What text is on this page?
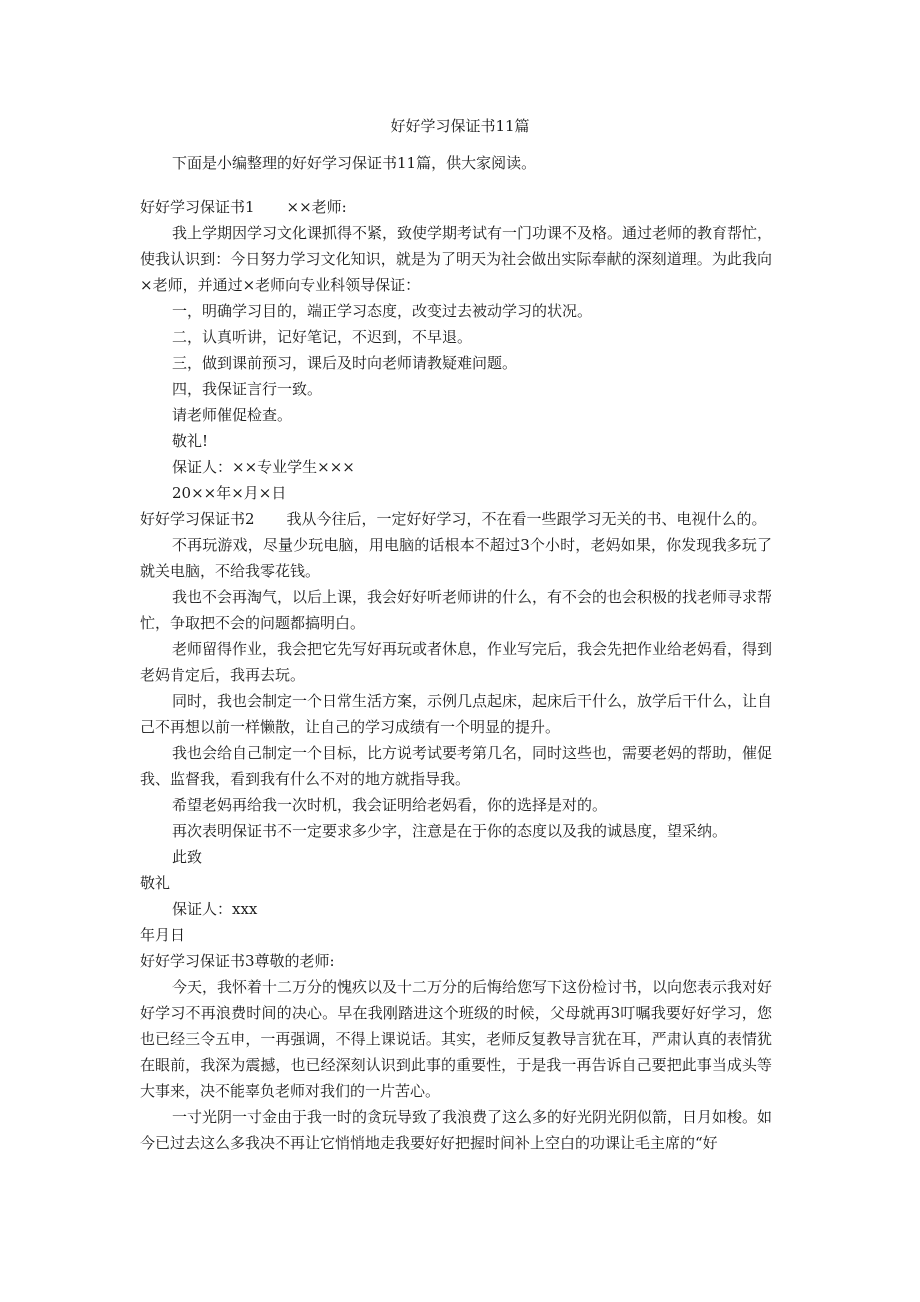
好好学习保证书11篇

下面是小编整理的好好学习保证书11篇，供大家阅读。

好好学习保证书1 ××老师:

我上学期因学习文化课抓得不紧，致使学期考试有一门功课不及格。通过老师的教育帮忙，使我认识到：今日努力学习文化知识，就是为了明天为社会做出实际奉献的深刻道理。为此我向×老师，并通过×老师向专业科领导保证：

一，明确学习目的，端正学习态度，改变过去被动学习的状况。

二，认真听讲，记好笔记，不迟到，不早退。

三，做到课前预习，课后及时向老师请教疑难问题。

四，我保证言行一致。

请老师催促检查。

敬礼!

保证人：××专业学生×××

20××年×月×日

好好学习保证书2 我从今往后，一定好好学习，不在看一些跟学习无关的书、电视什么的。

不再玩游戏，尽量少玩电脑，用电脑的话根本不超过3个小时，老妈如果，你发现我多玩了就关电脑，不给我零花钱。

我也不会再淘气，以后上课，我会好好听老师讲的什么，有不会的也会积极的找老师寻求帮忙，争取把不会的问题都搞明白。

老师留得作业，我会把它先写好再玩或者休息，作业写完后，我会先把作业给老妈看，得到老妈肯定后，我再去玩。

同时，我也会制定一个日常生活方案，示例几点起床，起床后干什么，放学后干什么，让自己不再想以前一样懒散，让自己的学习成绩有一个明显的提升。

我也会给自己制定一个目标，比方说考试要考第几名，同时这些也，需要老妈的帮助，催促我、监督我，看到我有什么不对的地方就指导我。

希望老妈再给我一次时机，我会证明给老妈看，你的选择是对的。

再次表明保证书不一定要求多少字，注意是在于你的态度以及我的诚恳度，望采纳。

此致

敬礼

保证人：xxx

年月日

好好学习保证书3尊敬的老师:

今天，我怀着十二万分的愧疚以及十二万分的后悔给您写下这份检讨书，以向您表示我对好好学习不再浪费时间的决心。早在我刚踏进这个班级的时候，父母就再3叮嘱我要好好学习，您也已经三令五申，一再强调，不得上课说话。其实，老师反复教导言犹在耳，严肃认真的表情犹在眼前，我深为震撼，也已经深刻认识到此事的重要性，于是我一再告诉自己要把此事当成头等大事来，决不能辜负老师对我们的一片苦心。

一寸光阴一寸金由于我一时的贪玩导致了我浪费了这么多的好光阴光阴似箭，日月如梭。如今已过去这么多我决不再让它悄悄地走我要好好把握时间补上空白的功课让毛主席的“好
